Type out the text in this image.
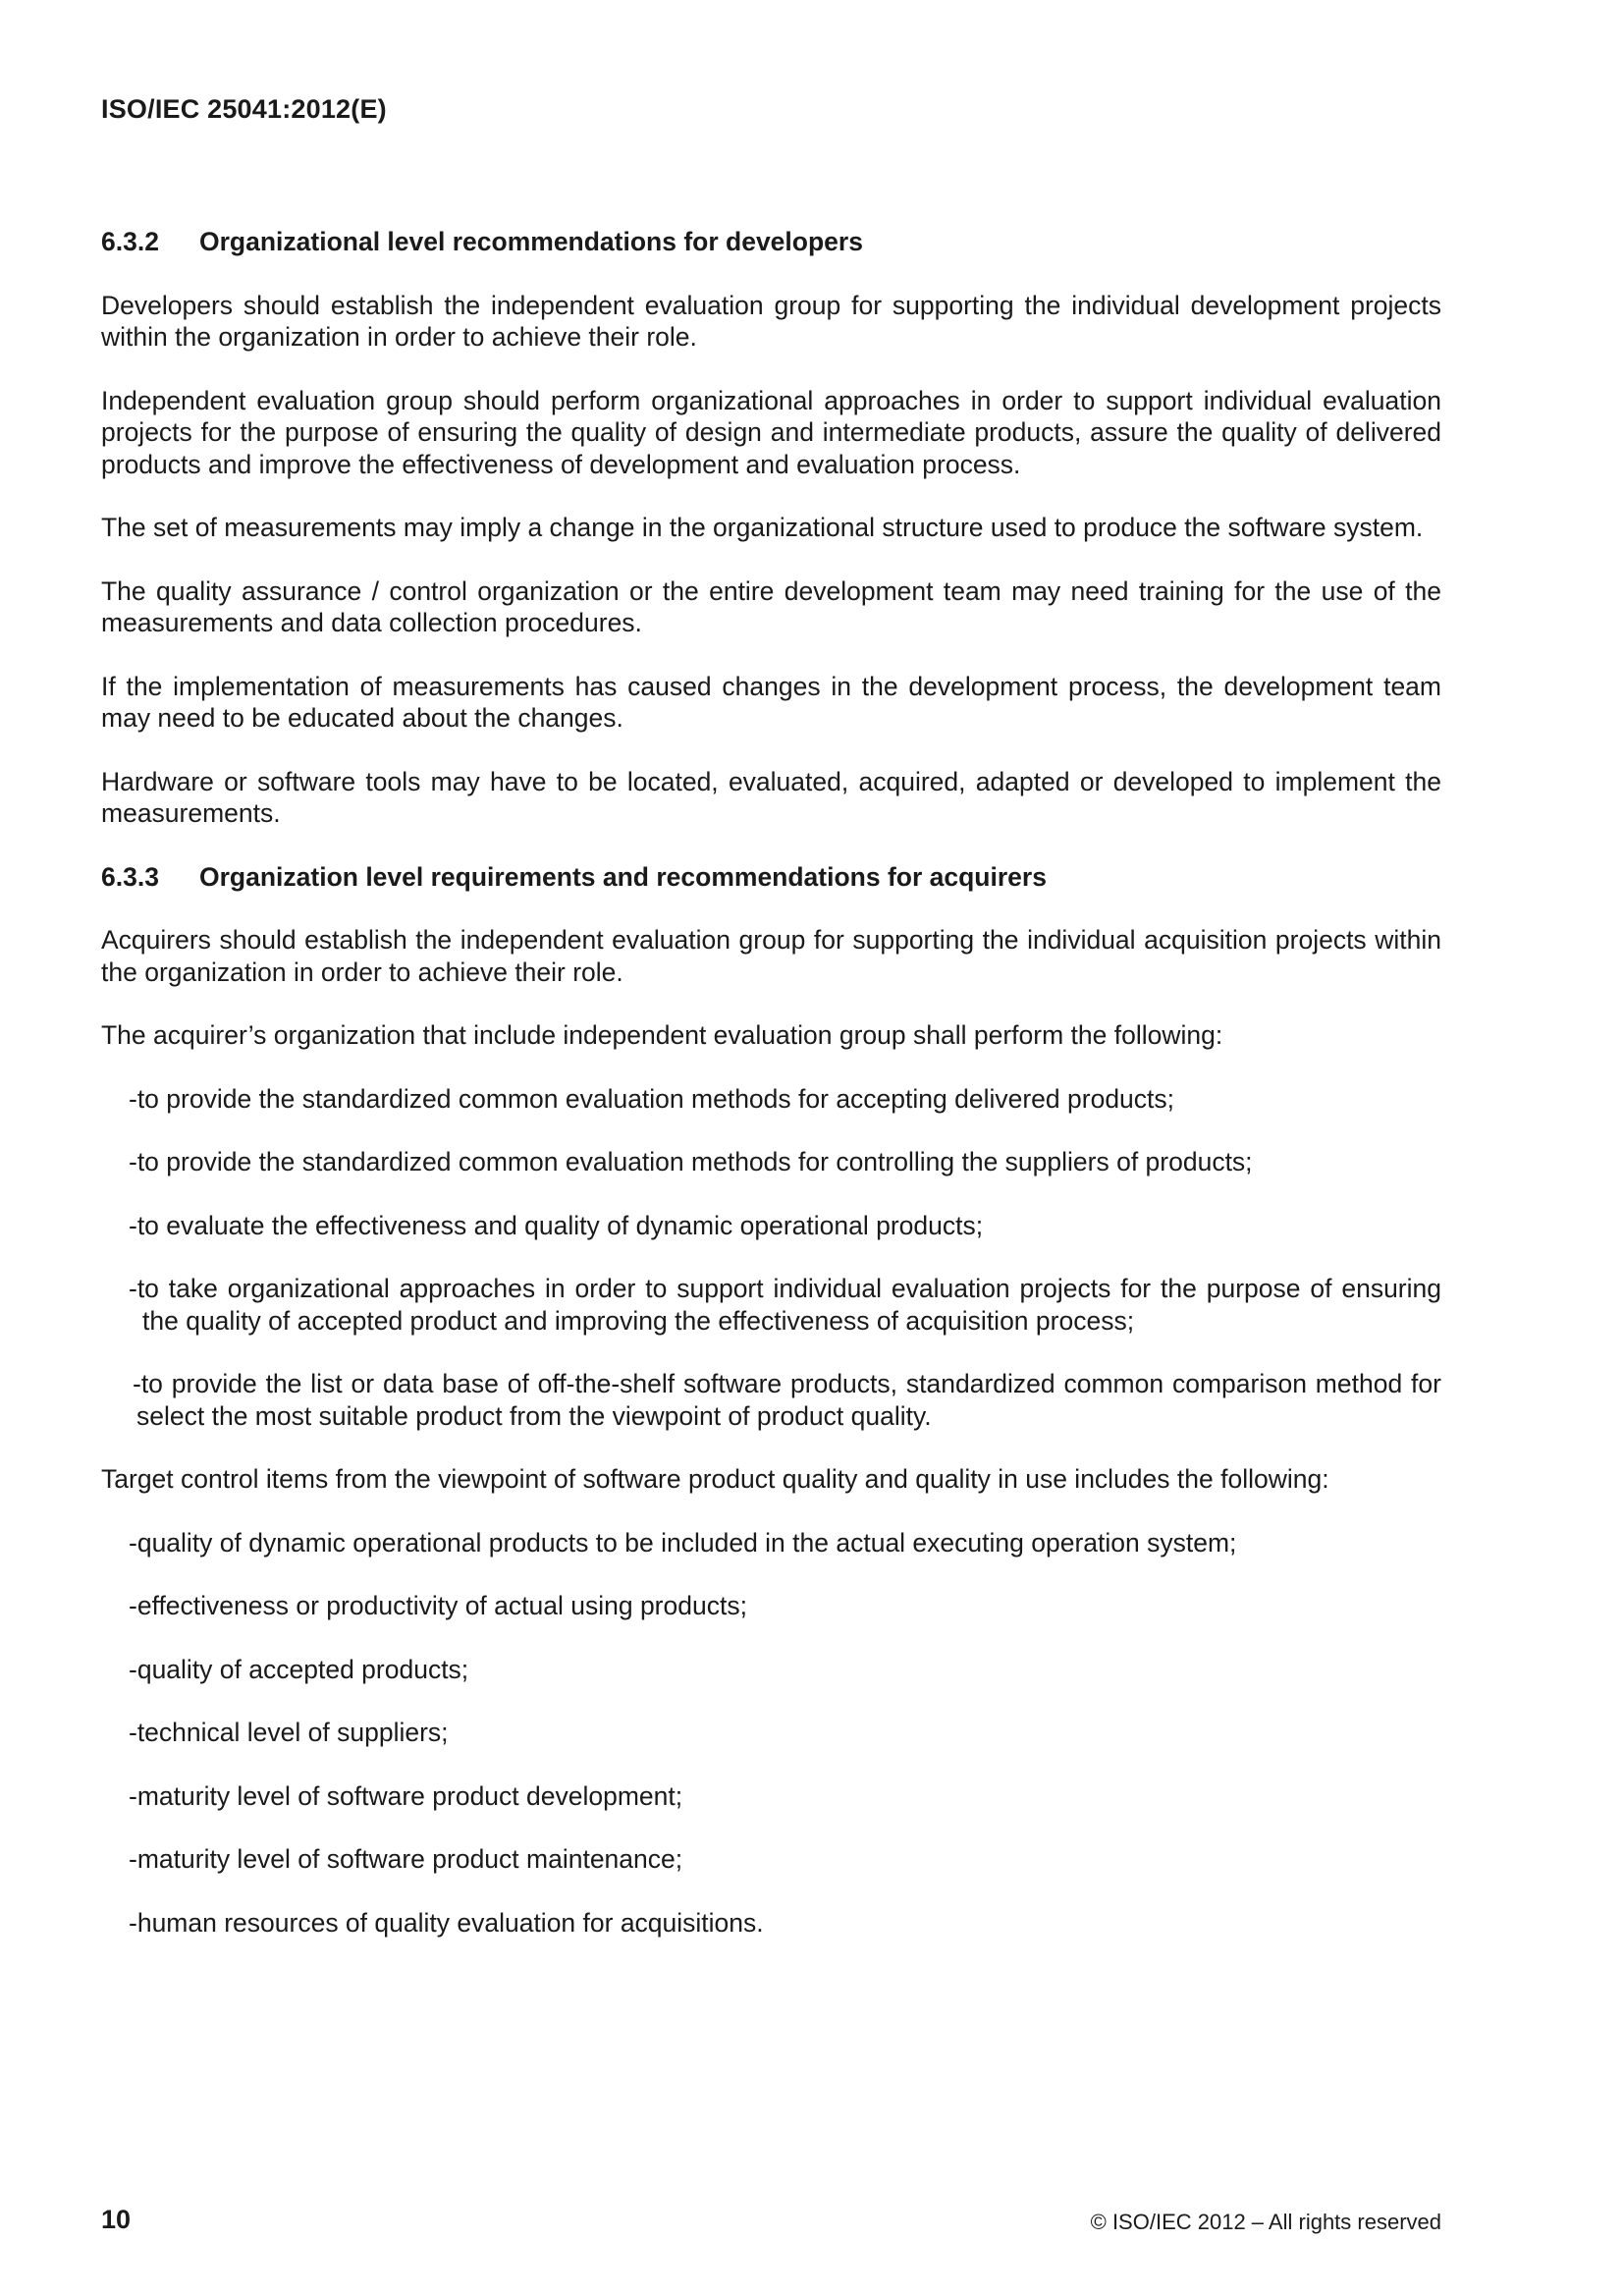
ISO/IEC 25041:2012(E)

6.3.2	Organizational level recommendations for developers

Developers should establish the independent evaluation group for supporting the individual development projects within the organization in order to achieve their role.

Independent evaluation group should perform organizational approaches in order to support individual evaluation projects for the purpose of ensuring the quality of design and intermediate products, assure the quality of delivered products and improve the effectiveness of development and evaluation process.

The set of measurements may imply a change in the organizational structure used to produce the software system.

The quality assurance / control organization or the entire development team may need training for the use of the measurements and data collection procedures.

If the implementation of measurements has caused changes in the development process, the development team may need to be educated about the changes.

Hardware or software tools may have to be located, evaluated, acquired, adapted or developed to implement the measurements.

6.3.3	Organization level requirements and recommendations for acquirers

Acquirers should establish the independent evaluation group for supporting the individual acquisition projects within the organization in order to achieve their role.

The acquirer’s organization that include independent evaluation group shall perform the following:

-to provide the standardized common evaluation methods for accepting delivered products;

-to provide the standardized common evaluation methods for controlling the suppliers of products;

-to evaluate the effectiveness and quality of dynamic operational products;

-to take organizational approaches in order to support individual evaluation projects for the purpose of ensuring the quality of accepted product and improving the effectiveness of acquisition process;

-to provide the list or data base of off-the-shelf software products, standardized common comparison method for select the most suitable product from the viewpoint of product quality.

Target control items from the viewpoint of software product quality and quality in use includes the following:

-quality of dynamic operational products to be included in the actual executing operation system;

-effectiveness or productivity of actual using products;

-quality of accepted products;

-technical level of suppliers;

-maturity level of software product development;

-maturity level of software product maintenance;

-human resources of quality evaluation for acquisitions.

10	© ISO/IEC 2012 – All rights reserved
